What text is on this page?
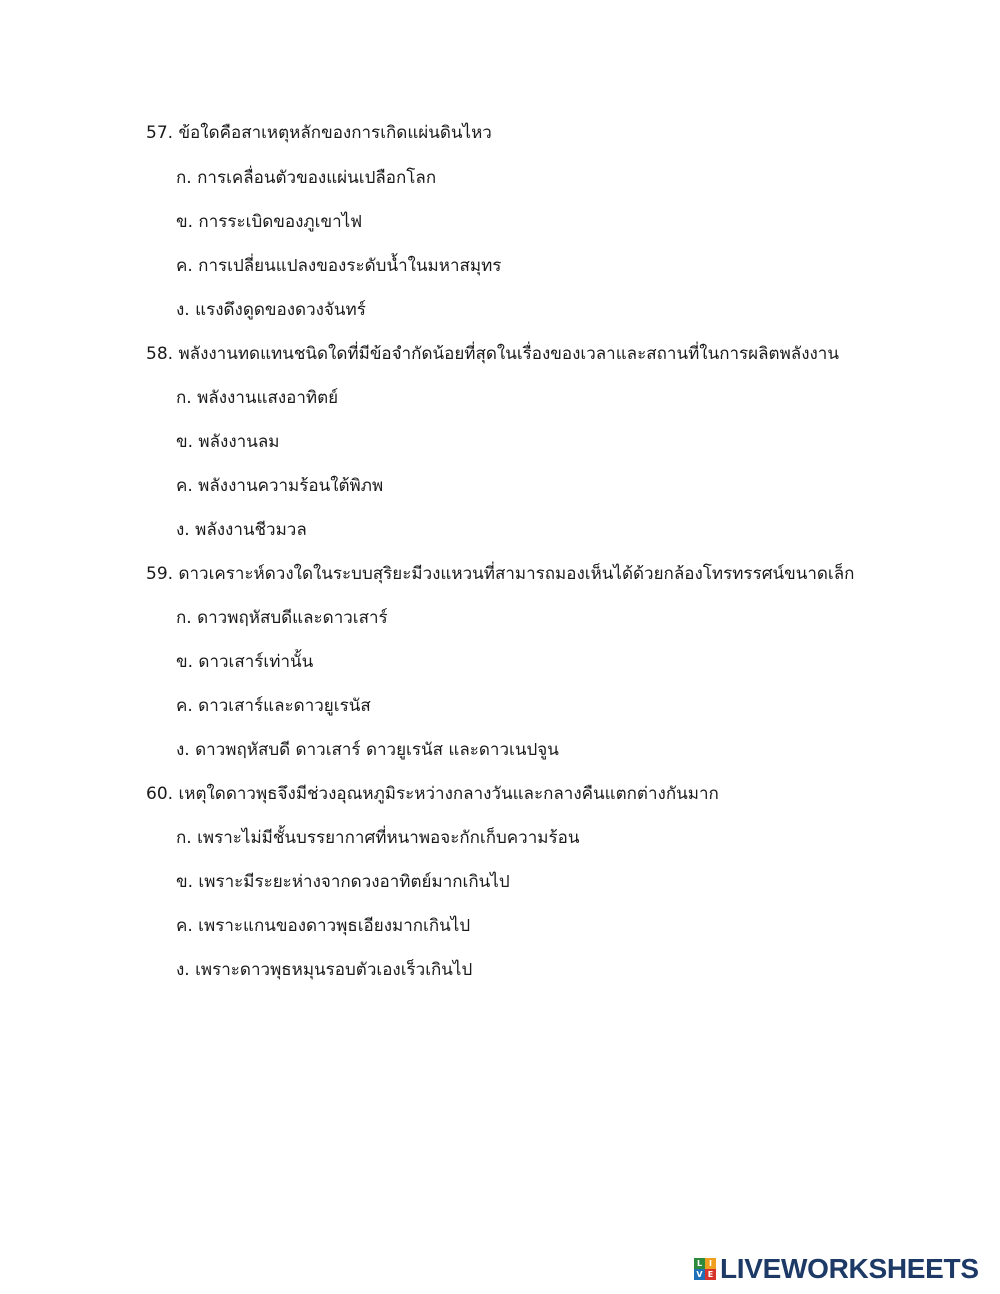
57. ข้อใดคือสาเหตุหลักของการเกิดแผ่นดินไหว
ก. การเคลื่อนตัวของแผ่นเปลือกโลก
ข. การระเบิดของภูเขาไฟ
ค. การเปลี่ยนแปลงของระดับน้ำในมหาสมุทร
ง. แรงดึงดูดของดวงจันทร์
58. พลังงานทดแทนชนิดใดที่มีข้อจำกัดน้อยที่สุดในเรื่องของเวลาและสถานที่ในการผลิตพลังงาน
ก. พลังงานแสงอาทิตย์
ข. พลังงานลม
ค. พลังงานความร้อนใต้พิภพ
ง. พลังงานชีวมวล
59. ดาวเคราะห์ดวงใดในระบบสุริยะมีวงแหวนที่สามารถมองเห็นได้ด้วยกล้องโทรทรรศน์ขนาดเล็ก
ก. ดาวพฤหัสบดีและดาวเสาร์
ข. ดาวเสาร์เท่านั้น
ค. ดาวเสาร์และดาวยูเรนัส
ง. ดาวพฤหัสบดี ดาวเสาร์ ดาวยูเรนัส และดาวเนปจูน
60. เหตุใดดาวพุธจึงมีช่วงอุณหภูมิระหว่างกลางวันและกลางคืนแตกต่างกันมาก
ก. เพราะไม่มีชั้นบรรยากาศที่หนาพอจะกักเก็บความร้อน
ข. เพราะมีระยะห่างจากดวงอาทิตย์มากเกินไป
ค. เพราะแกนของดาวพุธเอียงมากเกินไป
ง. เพราะดาวพุธหมุนรอบตัวเองเร็วเกินไป
L I
V E LIVEWORKSHEETS
